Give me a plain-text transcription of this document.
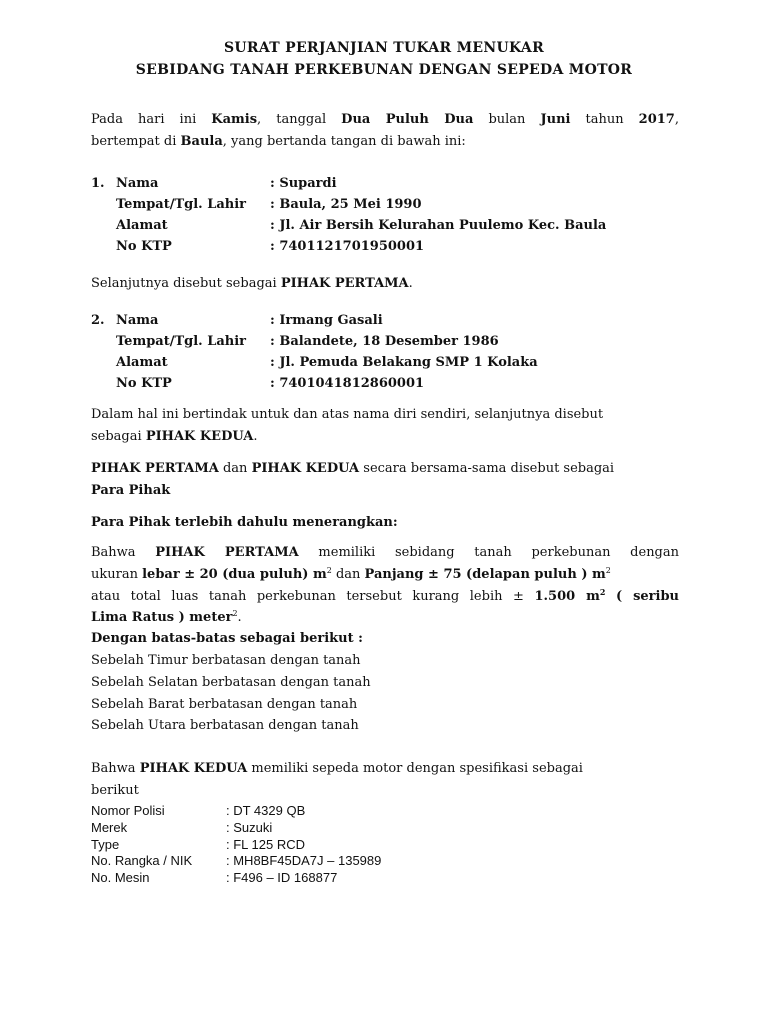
SURAT PERJANJIAN TUKAR MENUKAR
SEBIDANG TANAH PERKEBUNAN DENGAN SEPEDA MOTOR
Pada hari ini Kamis, tanggal Dua Puluh Dua bulan Juni tahun 2017,
bertempat di Baula, yang bertanda tangan di bawah ini:
1. Nama	: Supardi
Tempat/Tgl. Lahir : Baula, 25 Mei 1990
Alamat	: Jl. Air Bersih Kelurahan Puulemo Kec. Baula
No KTP	: 7401121701950001
Selanjutnya disebut sebagai PIHAK PERTAMA.
2. Nama	: Irmang Gasali
Tempat/Tgl. Lahir : Balandete, 18 Desember 1986
Alamat	: Jl. Pemuda Belakang SMP 1 Kolaka
No KTP	: 7401041812860001
Dalam hal ini bertindak untuk dan atas nama diri sendiri, selanjutnya disebut
sebagai PIHAK KEDUA.
PIHAK PERTAMA dan PIHAK KEDUA secara bersama-sama disebut sebagai
Para Pihak
Para Pihak terlebih dahulu menerangkan:
Bahwa PIHAK PERTAMA memiliki sebidang tanah perkebunan dengan
ukuran lebar ± 20 (dua puluh) $m^2$ dan Panjang ± 75 (delapan puluh ) $m^2$
atau total luas tanah perkebunan tersebut kurang lebih ± 1.500 $m^2$ ( seribu
Lima Ratus ) meter$^2$.
Dengan batas-batas sebagai berikut :
Sebelah Timur berbatasan dengan tanah
Sebelah Selatan berbatasan dengan tanah
Sebelah Barat berbatasan dengan tanah
Sebelah Utara berbatasan dengan tanah
Bahwa PIHAK KEDUA memiliki sepeda motor dengan spesifikasi sebagai
berikut
Nomor Polisi	: DT 4329 QB
Merek	: Suzuki
Type	: FL 125 RCD
No. Rangka / NIK	: MH8BF45DA7J – 135989
No. Mesin	: F496 – ID 168877
